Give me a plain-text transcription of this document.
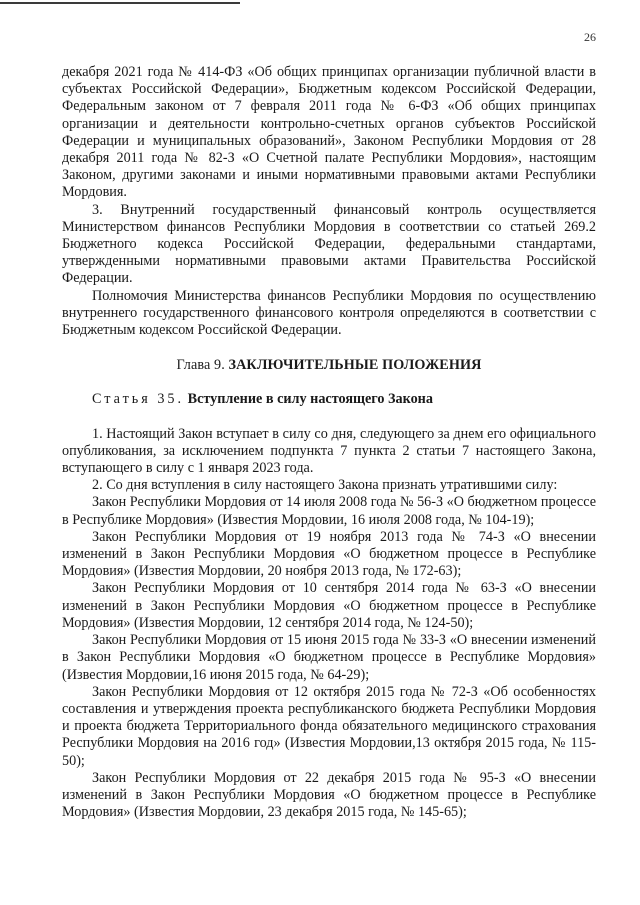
26

декабря 2021 года № 414-ФЗ «Об общих принципах организации публичной власти в субъектах Российской Федерации», Бюджетным кодексом Российской Федерации, Федеральным законом от 7 февраля 2011 года № 6-ФЗ «Об общих принципах организации и деятельности контрольно-счетных органов субъектов Российской Федерации и муниципальных образований», Законом Республики Мордовия от 28 декабря 2011 года № 82-З «О Счетной палате Республики Мордовия», настоящим Законом, другими законами и иными нормативными правовыми актами Республики Мордовия.

3. Внутренний государственный финансовый контроль осуществляется Министерством финансов Республики Мордовия в соответствии со статьей 269.2 Бюджетного кодекса Российской Федерации, федеральными стандартами, утвержденными нормативными правовыми актами Правительства Российской Федерации.

Полномочия Министерства финансов Республики Мордовия по осуществлению внутреннего государственного финансового контроля определяются в соответствии с Бюджетным кодексом Российской Федерации.

Глава 9. ЗАКЛЮЧИТЕЛЬНЫЕ ПОЛОЖЕНИЯ

Статья 35. Вступление в силу настоящего Закона

1. Настоящий Закон вступает в силу со дня, следующего за днем его официального опубликования, за исключением подпункта 7 пункта 2 статьи 7 настоящего Закона, вступающего в силу с 1 января 2023 года.

2. Со дня вступления в силу настоящего Закона признать утратившими силу:

Закон Республики Мордовия от 14 июля 2008 года № 56-З «О бюджетном процессе в Республике Мордовия» (Известия Мордовии, 16 июля 2008 года, № 104-19);

Закон Республики Мордовия от 19 ноября 2013 года № 74-З «О внесении изменений в Закон Республики Мордовия «О бюджетном процессе в Республике Мордовия» (Известия Мордовии, 20 ноября 2013 года, № 172-63);

Закон Республики Мордовия от 10 сентября 2014 года № 63-З «О внесении изменений в Закон Республики Мордовия «О бюджетном процессе в Республике Мордовия» (Известия Мордовии, 12 сентября 2014 года, № 124-50);

Закон Республики Мордовия от 15 июня 2015 года № 33-З «О внесении изменений в Закон Республики Мордовия «О бюджетном процессе в Республике Мордовия» (Известия Мордовии,16 июня 2015 года, № 64-29);

Закон Республики Мордовия от 12 октября 2015 года № 72-З «Об особенностях составления и утверждения проекта республиканского бюджета Республики Мордовия и проекта бюджета Территориального фонда обязательного медицинского страхования Республики Мордовия на 2016 год» (Известия Мордовии,13 октября 2015 года, № 115-50);

Закон Республики Мордовия от 22 декабря 2015 года № 95-З «О внесении изменений в Закон Республики Мордовия «О бюджетном процессе в Республике Мордовия» (Известия Мордовии, 23 декабря 2015 года, № 145-65);
